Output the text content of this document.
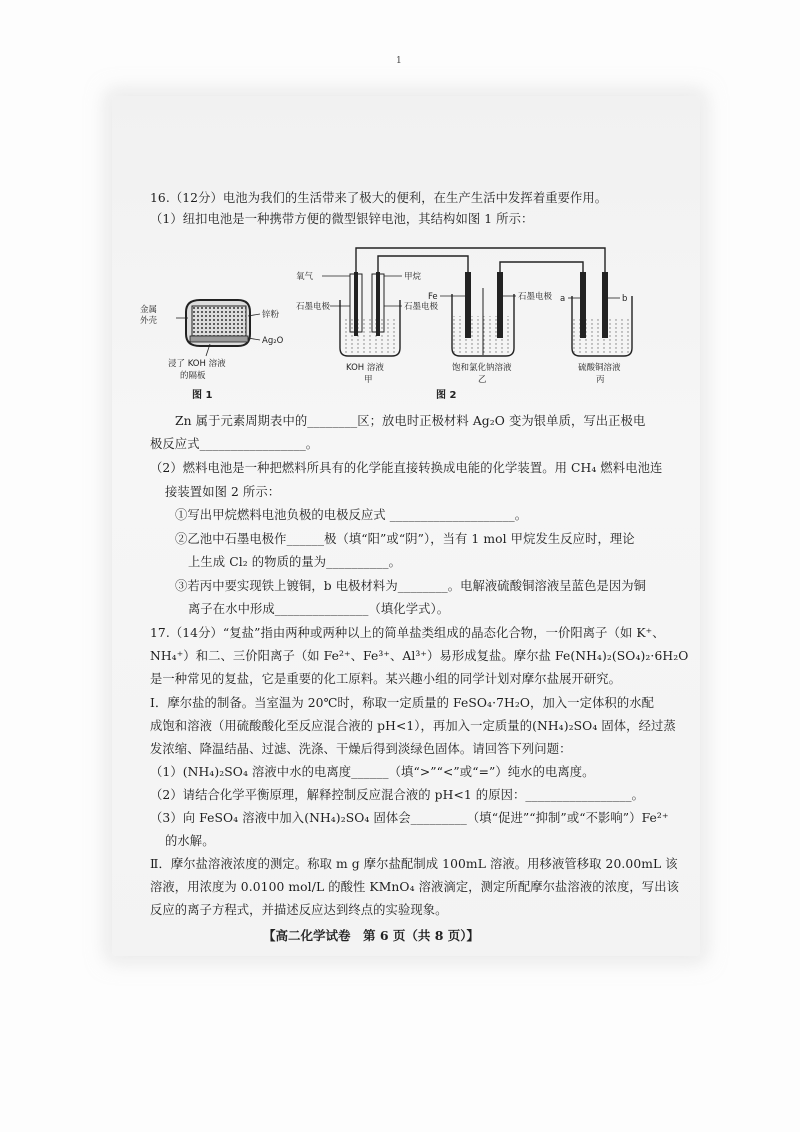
1
16.（12分）电池为我们的生活带来了极大的便利，在生产生活中发挥着重要作用。
（1）纽扣电池是一种携带方便的微型银锌电池，其结构如图 1 所示：
金属
外壳
锌粉
Ag₂O
浸了 KOH 溶液
的隔板
图 1
氧气	甲烷
石墨电极	石墨电极
KOH 溶液
甲
图 2
Fe	石墨电极
饱和氯化钠溶液
乙
a	b
硫酸铜溶液
丙
Zn 属于元素周期表中的________区；放电时正极材料 Ag₂O 变为银单质，写出正极电
极反应式_________________。
（2）燃料电池是一种把燃料所具有的化学能直接转换成电能的化学装置。用 CH₄ 燃料电池连
接装置如图 2 所示：
①写出甲烷燃料电池负极的电极反应式 ____________________。
②乙池中石墨电极作______极（填“阳”或“阴”），当有 1 mol 甲烷发生反应时，理论
上生成 Cl₂ 的物质的量为__________。
③若丙中要实现铁上镀铜，b 电极材料为________。电解液硫酸铜溶液呈蓝色是因为铜
离子在水中形成_______________（填化学式）。
17.（14分）“复盐”指由两种或两种以上的简单盐类组成的晶态化合物，一价阳离子（如 K⁺、
NH₄⁺）和二、三价阳离子（如 Fe²⁺、Fe³⁺、Al³⁺）易形成复盐。摩尔盐 Fe(NH₄)₂(SO₄)₂·6H₂O
是一种常见的复盐，它是重要的化工原料。某兴趣小组的同学计划对摩尔盐展开研究。
Ⅰ．摩尔盐的制备。当室温为 20℃时，称取一定质量的 FeSO₄·7H₂O，加入一定体积的水配
成饱和溶液（用硫酸酸化至反应混合液的 pH<1），再加入一定质量的(NH₄)₂SO₄ 固体，经过蒸
发浓缩、降温结晶、过滤、洗涤、干燥后得到淡绿色固体。请回答下列问题：
（1）(NH₄)₂SO₄ 溶液中水的电离度______（填“>”“<”或“=”）纯水的电离度。
（2）请结合化学平衡原理，解释控制反应混合液的 pH<1 的原因：_________________。
（3）向 FeSO₄ 溶液中加入(NH₄)₂SO₄ 固体会_________（填“促进”“抑制”或“不影响”）Fe²⁺
的水解。
Ⅱ．摩尔盐溶液浓度的测定。称取 m g 摩尔盐配制成 100mL 溶液。用移液管移取 20.00mL 该
溶液，用浓度为 0.0100 mol/L 的酸性 KMnO₄ 溶液滴定，测定所配摩尔盐溶液的浓度，写出该
【高二化学试卷　第 6 页（共 8 页）】
反应的离子方程式，并描述反应达到终点的实验现象。
